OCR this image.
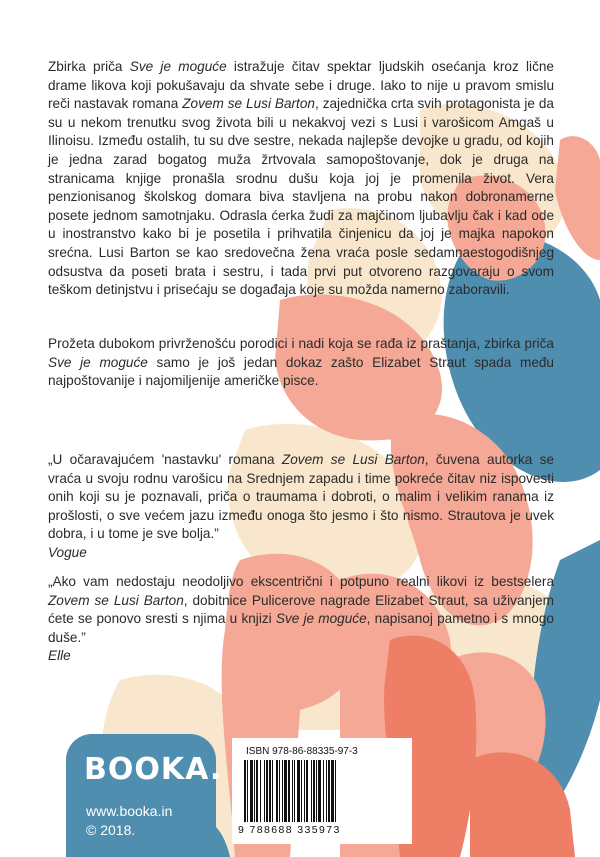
Zbirka priča Sve je moguće istražuje čitav spektar ljudskih osećanja kroz lične drame likova koji pokušavaju da shvate sebe i druge. Iako to nije u pravom smislu reči nastavak romana Zovem se Lusi Barton, zajednička crta svih protagonista je da su u nekom trenutku svog života bili u nekakvoj vezi s Lusi i varošicom Amgaš u Ilinoisu. Između ostalih, tu su dve sestre, nekada najlepše devojke u gradu, od kojih je jedna zarad bogatog muža žrtvovala samopoštovanje, dok je druga na stranicama knjige pronašla srodnu dušu koja joj je promenila život. Vera penzionisanog školskog domara biva stavljena na probu nakon dobronamerne posete jednom samotnjaku. Odrasla ćerka žudi za majčinom ljubavlju čak i kad ode u inostranstvo kako bi je posetila i prihvatila činjenicu da joj je majka napokon srećna. Lusi Barton se kao sredovečna žena vraća posle sedamnaestogodišnjeg odsustva da poseti brata i sestru, i tada prvi put otvoreno razgovaraju o svom teškom detinjstvu i prisećaju se događaja koje su možda namerno zaboravili.

Prožeta dubokom privrženošću porodici i nadi koja se rađa iz praštanja, zbirka priča Sve je moguće samo je još jedan dokaz zašto Elizabet Straut spada među najpoštovanije i najomiljenije američke pisce.

„U očaravajućem 'nastavku' romana Zovem se Lusi Barton, čuvena autorka se vraća u svoju rodnu varošicu na Srednjem zapadu i time pokreće čitav niz ispovesti onih koji su je poznavali, priča o traumama i dobroti, o malim i velikim ranama iz prošlosti, o sve većem jazu između onoga što jesmo i što nismo. Strautova je uvek dobra, i u tome je sve bolja.”

Vogue

„Ako vam nedostaju neodoljivo ekscentrični i potpuno realni likovi iz bestselera Zovem se Lusi Barton, dobitnice Pulicerove nagrade Elizabet Straut, sa uživanjem ćete se ponovo sresti s njima u knjizi Sve je moguće, napisanoj pametno i s mnogo duše.”

Elle

BOOKA.
www.booka.in
© 2018.
ISBN 978-86-88335-97-3
9 788688 335973
